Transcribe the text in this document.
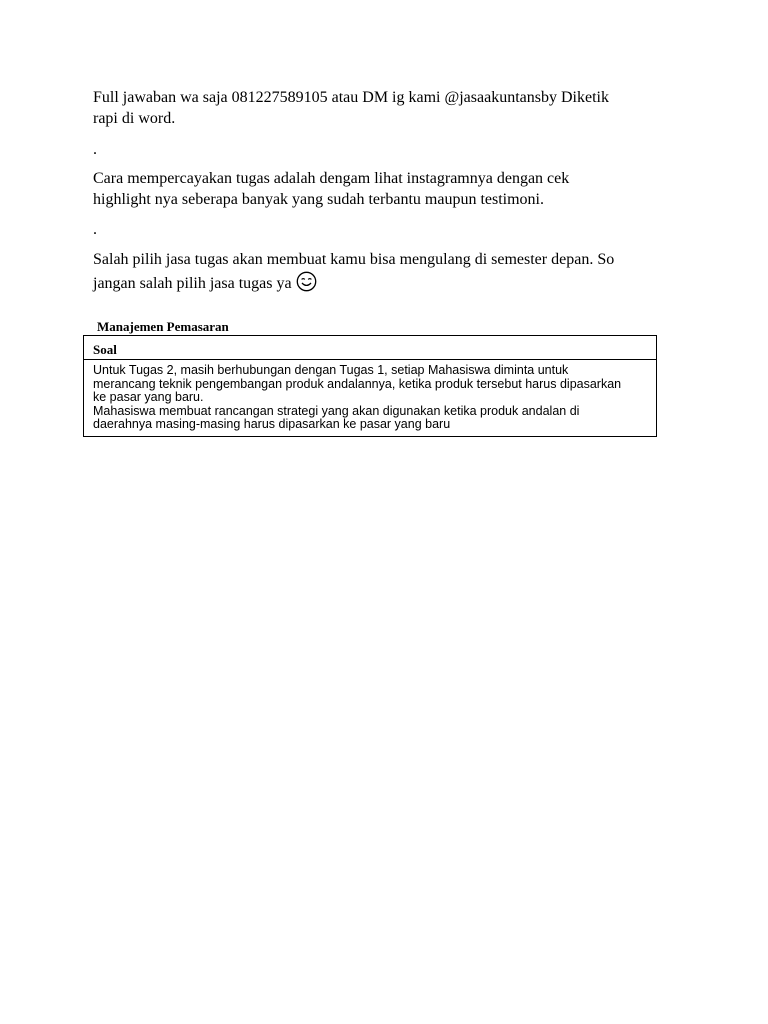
Full jawaban wa saja 081227589105 atau DM ig kami @jasaakuntansby Diketik
rapi di word.

.

Cara mempercayakan tugas adalah dengam lihat instagramnya dengan cek
highlight nya seberapa banyak yang sudah terbantu maupun testimoni.

.

Salah pilih jasa tugas akan membuat kamu bisa mengulang di semester depan. So
jangan salah pilih jasa tugas ya

Manajemen Pemasaran

Soal
Untuk Tugas 2, masih berhubungan dengan Tugas 1, setiap Mahasiswa diminta untuk
merancang teknik pengembangan produk andalannya, ketika produk tersebut harus dipasarkan
ke pasar yang baru.
Mahasiswa membuat rancangan strategi yang akan digunakan ketika produk andalan di
daerahnya masing-masing harus dipasarkan ke pasar yang baru
